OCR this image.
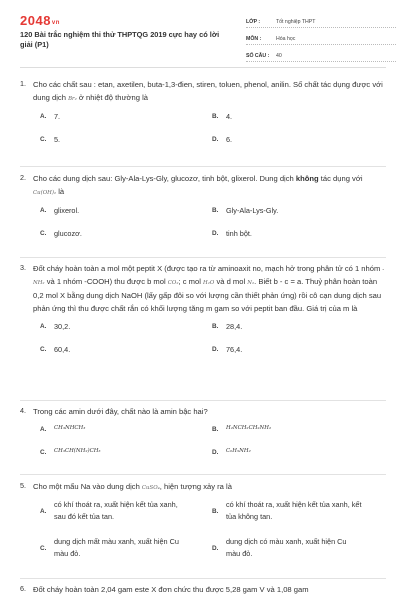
2048vn
120 Bài trắc nghiệm thi thử THPTQG 2019 cực hay có lời giải (P1)
LỚP :	Tốt nghiệp THPT
MÔN :	Hóa học
SỐ CÂU :	40
1. Cho các chất sau : etan, axetilen, buta-1,3-đien, stiren, toluen, phenol, anilin. Số chất tác dụng được với dung dịch Br₂ ở nhiệt độ thường là
A.	7.	B.	4.
C.	5.	D.	6.
2. Cho các dung dịch sau: Gly-Ala-Lys-Gly, glucozơ, tinh bột, glixerol. Dung dịch không tác dụng với Cu(OH)₂ là
A.	glixerol.	B.	Gly-Ala-Lys-Gly.
C.	glucozơ.	D.	tinh bột.
3. Đốt cháy hoàn toàn a mol một peptit X (được tạo ra từ aminoaxit no, mạch hở trong phân tử có 1 nhóm -NH₂ và 1 nhóm -COOH) thu được b mol CO₂; c mol H₂O và d mol N₂. Biết b - c = a. Thuỷ phân hoàn toàn 0,2 mol X bằng dung dịch NaOH (lấy gấp đôi so với lượng cần thiết phản ứng) rồi cô cạn dung dịch sau phản ứng thì thu được chất rắn có khối lượng tăng m gam so với peptit ban đầu. Giá trị của m là
A.	30,2.	B.	28,4.
C.	60,4.	D.	76,4.
4. Trong các amin dưới đây, chất nào là amin bậc hai?
A.	CH₃NHCH₃	B.	H₂NCH₂CH₂NH₂
C.	CH₃CH(NH₂)CH₃	D.	C₆H₅NH₂
5. Cho một mẩu Na vào dung dịch CuSO₄, hiện tượng xảy ra là
A.
có khí thoát ra, xuất hiện kết tủa xanh, sau đó kết tủa tan.
B.
có khí thoát ra, xuất hiện kết tủa xanh, kết tủa không tan.
C.
dung dịch mất màu xanh, xuất hiện Cu màu đỏ.
D.
dung dịch có màu xanh, xuất hiện Cu màu đỏ.
6. Đốt cháy hoàn toàn 2,04 gam este X đơn chức thu được 5,28 gam V và 1,08 gam
